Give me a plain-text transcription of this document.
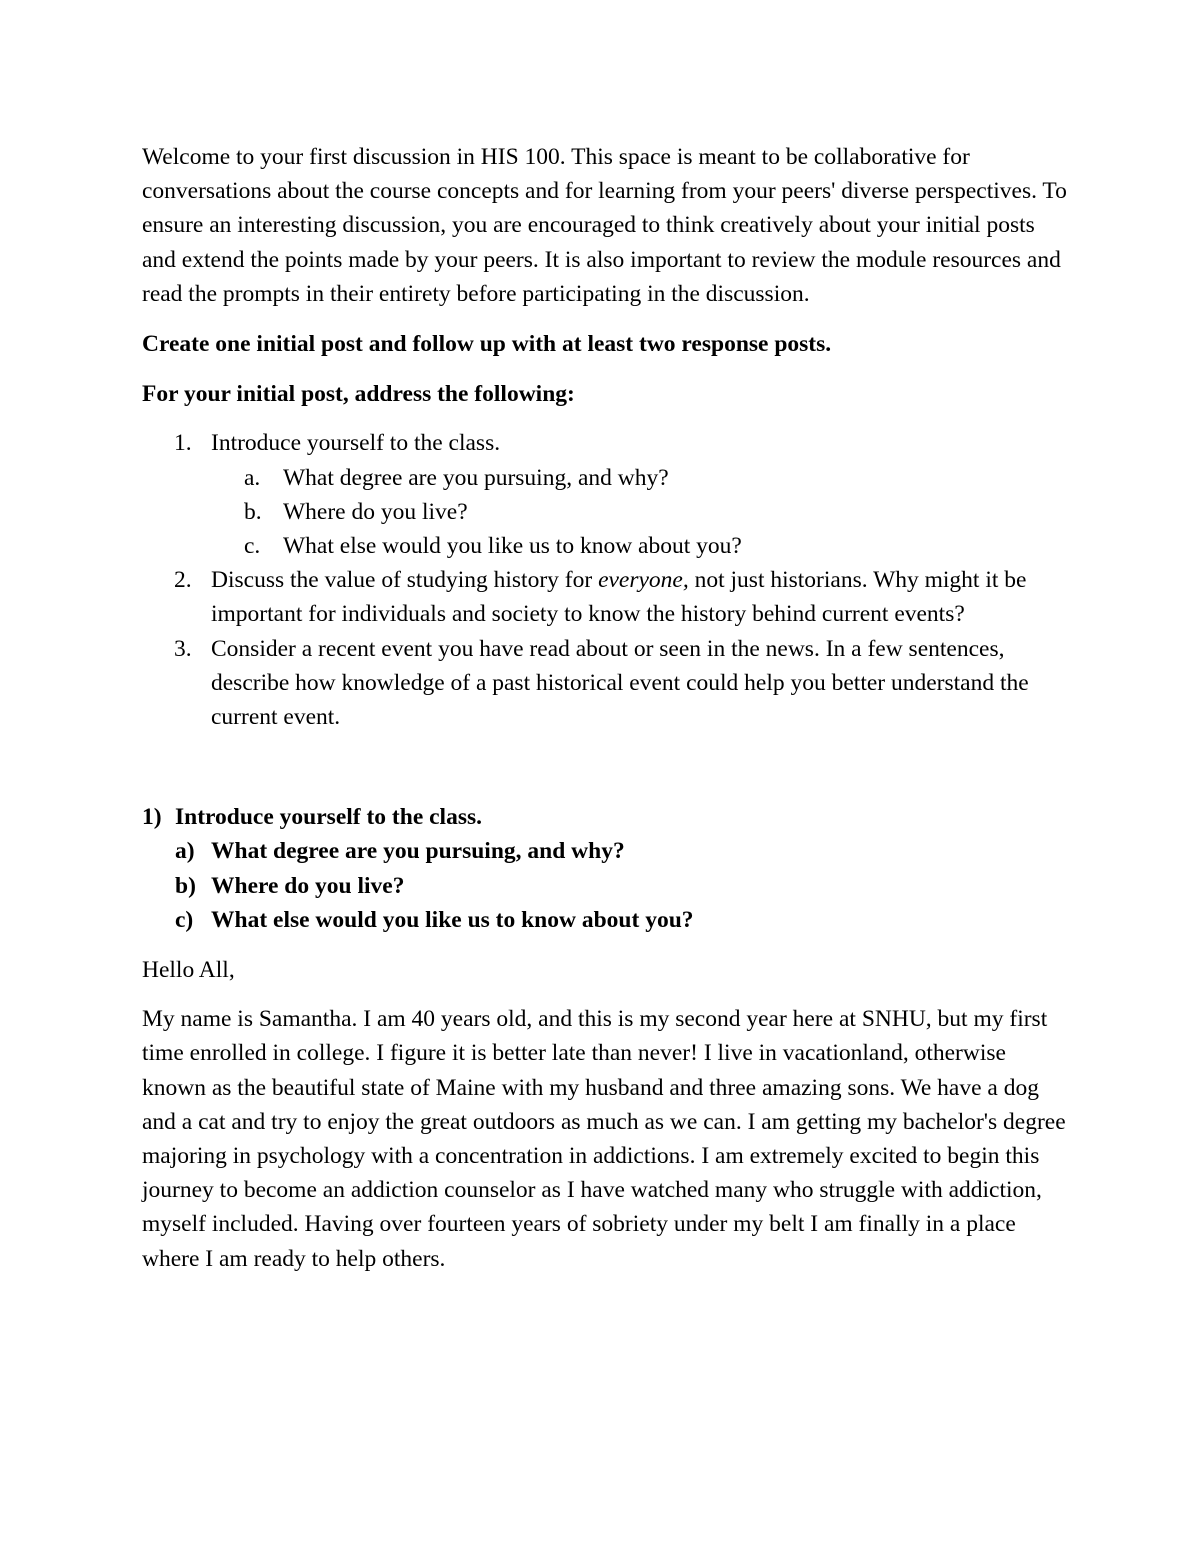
Welcome to your first discussion in HIS 100. This space is meant to be collaborative for conversations about the course concepts and for learning from your peers' diverse perspectives. To ensure an interesting discussion, you are encouraged to think creatively about your initial posts and extend the points made by your peers. It is also important to review the module resources and read the prompts in their entirety before participating in the discussion.

Create one initial post and follow up with at least two response posts.

For your initial post, address the following:

1. Introduce yourself to the class.
a. What degree are you pursuing, and why?
b. Where do you live?
c. What else would you like us to know about you?
2. Discuss the value of studying history for everyone, not just historians. Why might it be important for individuals and society to know the history behind current events?
3. Consider a recent event you have read about or seen in the news. In a few sentences, describe how knowledge of a past historical event could help you better understand the current event.
1) Introduce yourself to the class.
a) What degree are you pursuing, and why?
b) Where do you live?
c) What else would you like us to know about you?

Hello All,

My name is Samantha. I am 40 years old, and this is my second year here at SNHU, but my first time enrolled in college. I figure it is better late than never! I live in vacationland, otherwise known as the beautiful state of Maine with my husband and three amazing sons. We have a dog and a cat and try to enjoy the great outdoors as much as we can. I am getting my bachelor's degree majoring in psychology with a concentration in addictions. I am extremely excited to begin this journey to become an addiction counselor as I have watched many who struggle with addiction, myself included. Having over fourteen years of sobriety under my belt I am finally in a place where I am ready to help others.
